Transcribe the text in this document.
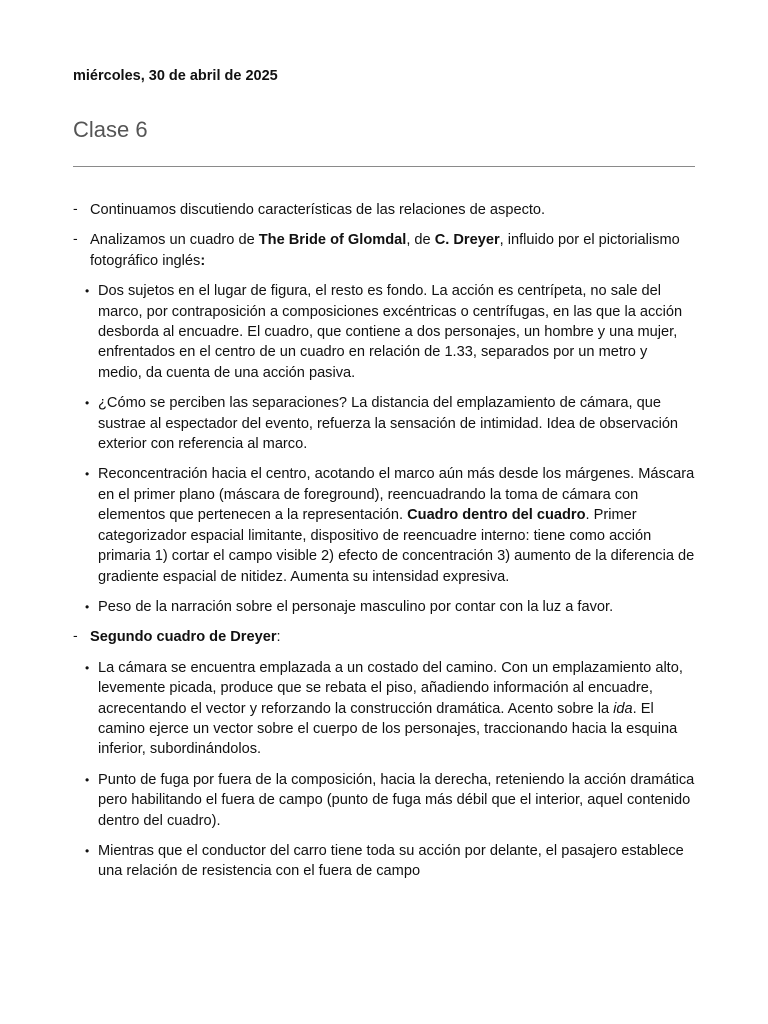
miércoles, 30 de abril de 2025
Clase 6
- Continuamos discutiendo características de las relaciones de aspecto.
- Analizamos un cuadro de The Bride of Glomdal, de C. Dreyer, influido por el pictorialismo fotográfico inglés:
• Dos sujetos en el lugar de figura, el resto es fondo. La acción es centrípeta, no sale del marco, por contraposición a composiciones excéntricas o centrífugas, en las que la acción desborda al encuadre. El cuadro, que contiene a dos personajes, un hombre y una mujer, enfrentados en el centro de un cuadro en relación de 1.33, separados por un metro y medio, da cuenta de una acción pasiva.
• ¿Cómo se perciben las separaciones? La distancia del emplazamiento de cámara, que sustrae al espectador del evento, refuerza la sensación de intimidad. Idea de observación exterior con referencia al marco.
• Reconcentración hacia el centro, acotando el marco aún más desde los márgenes. Máscara en el primer plano (máscara de foreground), reencuadrando la toma de cámara con elementos que pertenecen a la representación. Cuadro dentro del cuadro. Primer categorizador espacial limitante, dispositivo de reencuadre interno: tiene como acción primaria 1) cortar el campo visible 2) efecto de concentración 3) aumento de la diferencia de gradiente espacial de nitidez. Aumenta su intensidad expresiva.
• Peso de la narración sobre el personaje masculino por contar con la luz a favor.
- Segundo cuadro de Dreyer:
• La cámara se encuentra emplazada a un costado del camino. Con un emplazamiento alto, levemente picada, produce que se rebata el piso, añadiendo información al encuadre, acrecentando el vector y reforzando la construcción dramática. Acento sobre la ida. El camino ejerce un vector sobre el cuerpo de los personajes, traccionando hacia la esquina inferior, subordinándolos.
• Punto de fuga por fuera de la composición, hacia la derecha, reteniendo la acción dramática pero habilitando el fuera de campo (punto de fuga más débil que el interior, aquel contenido dentro del cuadro).
• Mientras que el conductor del carro tiene toda su acción por delante, el pasajero establece una relación de resistencia con el fuera de campo
